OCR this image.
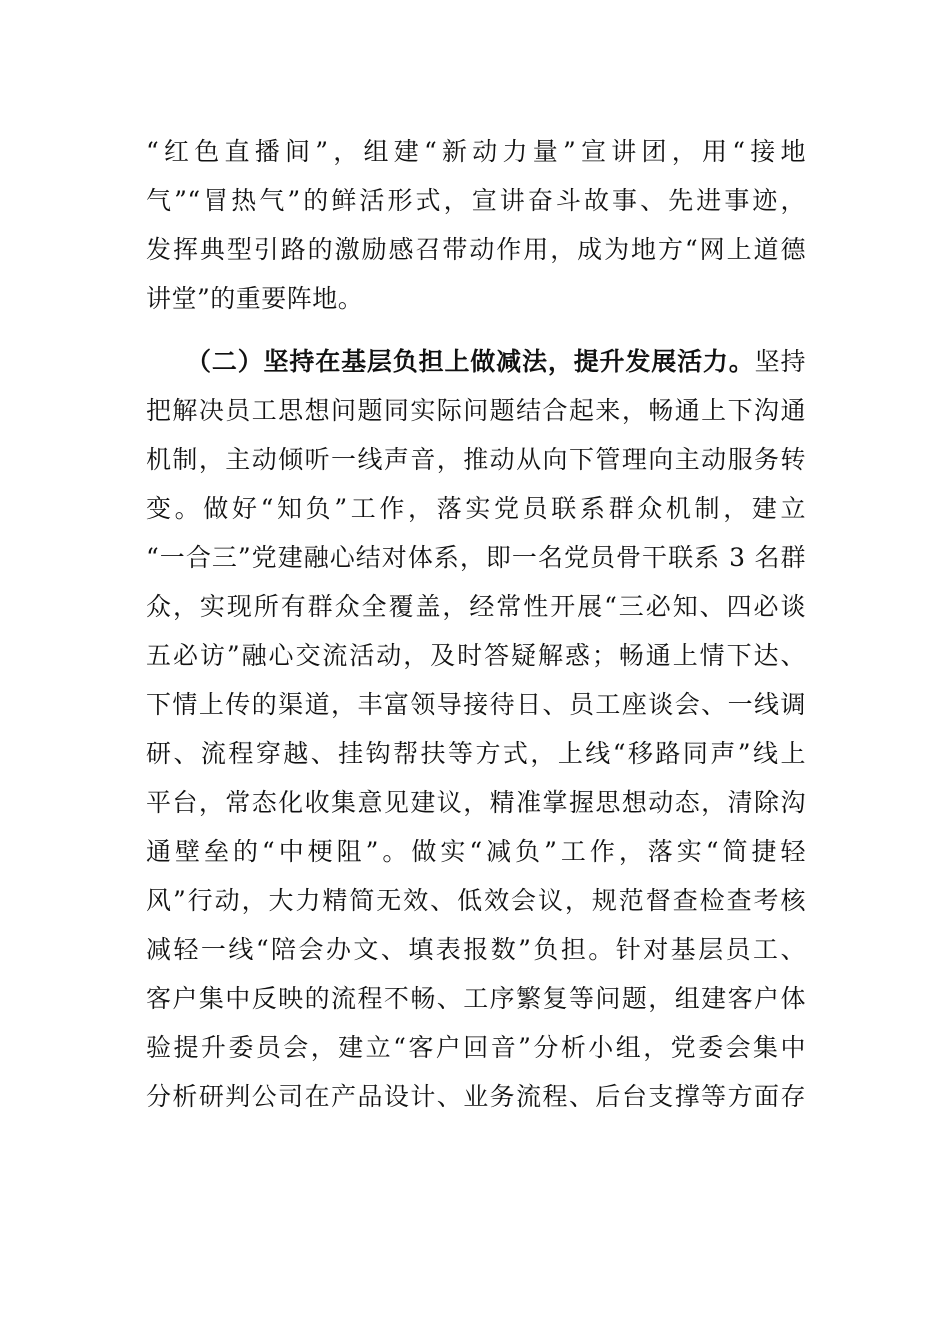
“红色直播间”，组建“新动力量”宣讲团，用“接地
气”“冒热气”的鲜活形式，宣讲奋斗故事、先进事迹，
发挥典型引路的激励感召带动作用，成为地方“网上道德
讲堂”的重要阵地。
（二）坚持在基层负担上做减法，提升发展活力。坚持
把解决员工思想问题同实际问题结合起来，畅通上下沟通
机制，主动倾听一线声音，推动从向下管理向主动服务转
变。做好“知负”工作，落实党员联系群众机制，建立
“一合三”党建融心结对体系，即一名党员骨干联系 3 名群
众，实现所有群众全覆盖，经常性开展“三必知、四必谈
五必访”融心交流活动，及时答疑解惑；畅通上情下达、
下情上传的渠道，丰富领导接待日、员工座谈会、一线调
研、流程穿越、挂钩帮扶等方式，上线“移路同声”线上
平台，常态化收集意见建议，精准掌握思想动态，清除沟
通壁垒的“中梗阻”。做实“减负”工作，落实“简捷轻
风”行动，大力精简无效、低效会议，规范督查检查考核
减轻一线“陪会办文、填表报数”负担。针对基层员工、
客户集中反映的流程不畅、工序繁复等问题，组建客户体
验提升委员会，建立“客户回音”分析小组，党委会集中
分析研判公司在产品设计、业务流程、后台支撑等方面存
